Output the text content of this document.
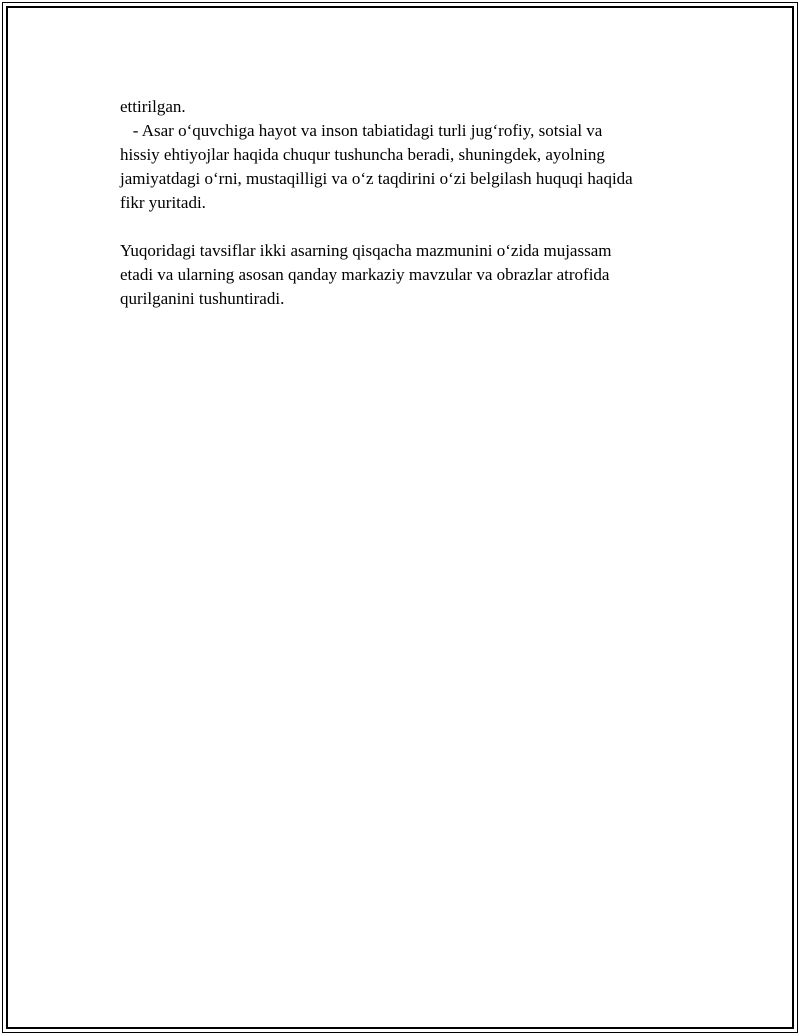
ettirilgan.

- Asar o‘quvchiga hayot va inson tabiatidagi turli jug‘rofiy, sotsial va

hissiy ehtiyojlar haqida chuqur tushuncha beradi, shuningdek, ayolning

jamiyatdagi o‘rni, mustaqilligi va o‘z taqdirini o‘zi belgilash huquqi haqida

fikr yuritadi.

Yuqoridagi tavsiflar ikki asarning qisqacha mazmunini o‘zida mujassam

etadi va ularning asosan qanday markaziy mavzular va obrazlar atrofida

qurilganini tushuntiradi.
